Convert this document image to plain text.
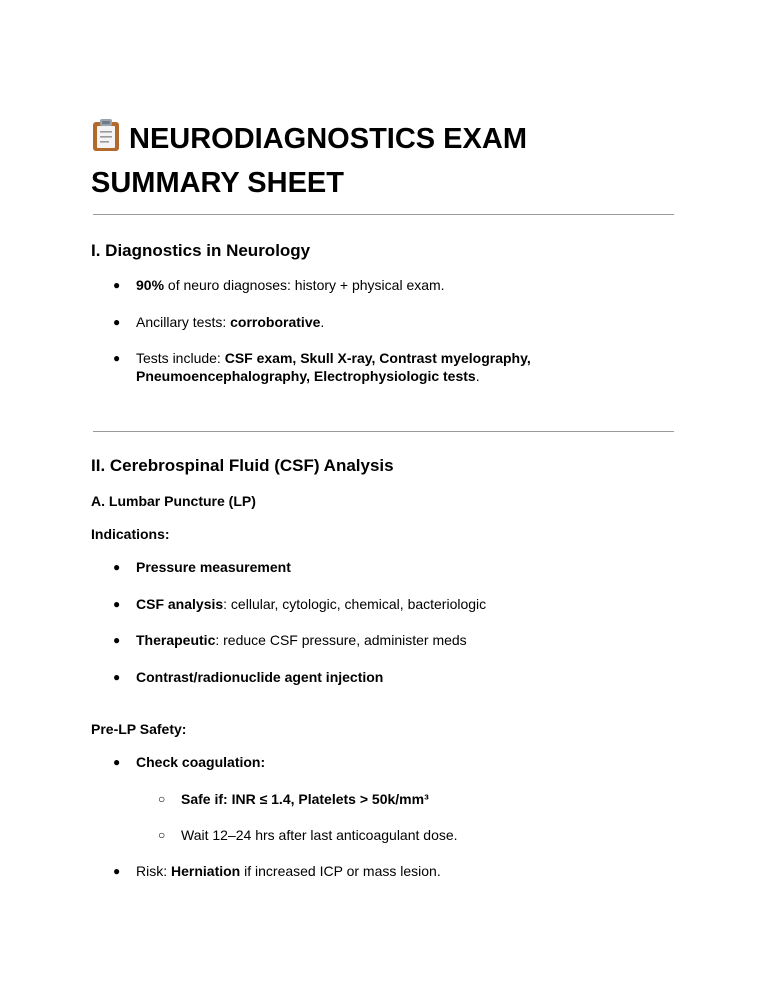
NEURODIAGNOSTICS EXAM SUMMARY SHEET
I. Diagnostics in Neurology

● 90% of neuro diagnoses: history + physical exam.

● Ancillary tests: corroborative.

● Tests include: CSF exam, Skull X-ray, Contrast myelography, Pneumoencephalography, Electrophysiologic tests.

II. Cerebrospinal Fluid (CSF) Analysis
A. Lumbar Puncture (LP)

Indications:

● Pressure measurement

● CSF analysis: cellular, cytologic, chemical, bacteriologic

● Therapeutic: reduce CSF pressure, administer meds

● Contrast/radionuclide agent injection

Pre-LP Safety:

● Check coagulation:

○ Safe if: INR ≤ 1.4, Platelets > 50k/mm³

○ Wait 12–24 hrs after last anticoagulant dose.

● Risk: Herniation if increased ICP or mass lesion.
